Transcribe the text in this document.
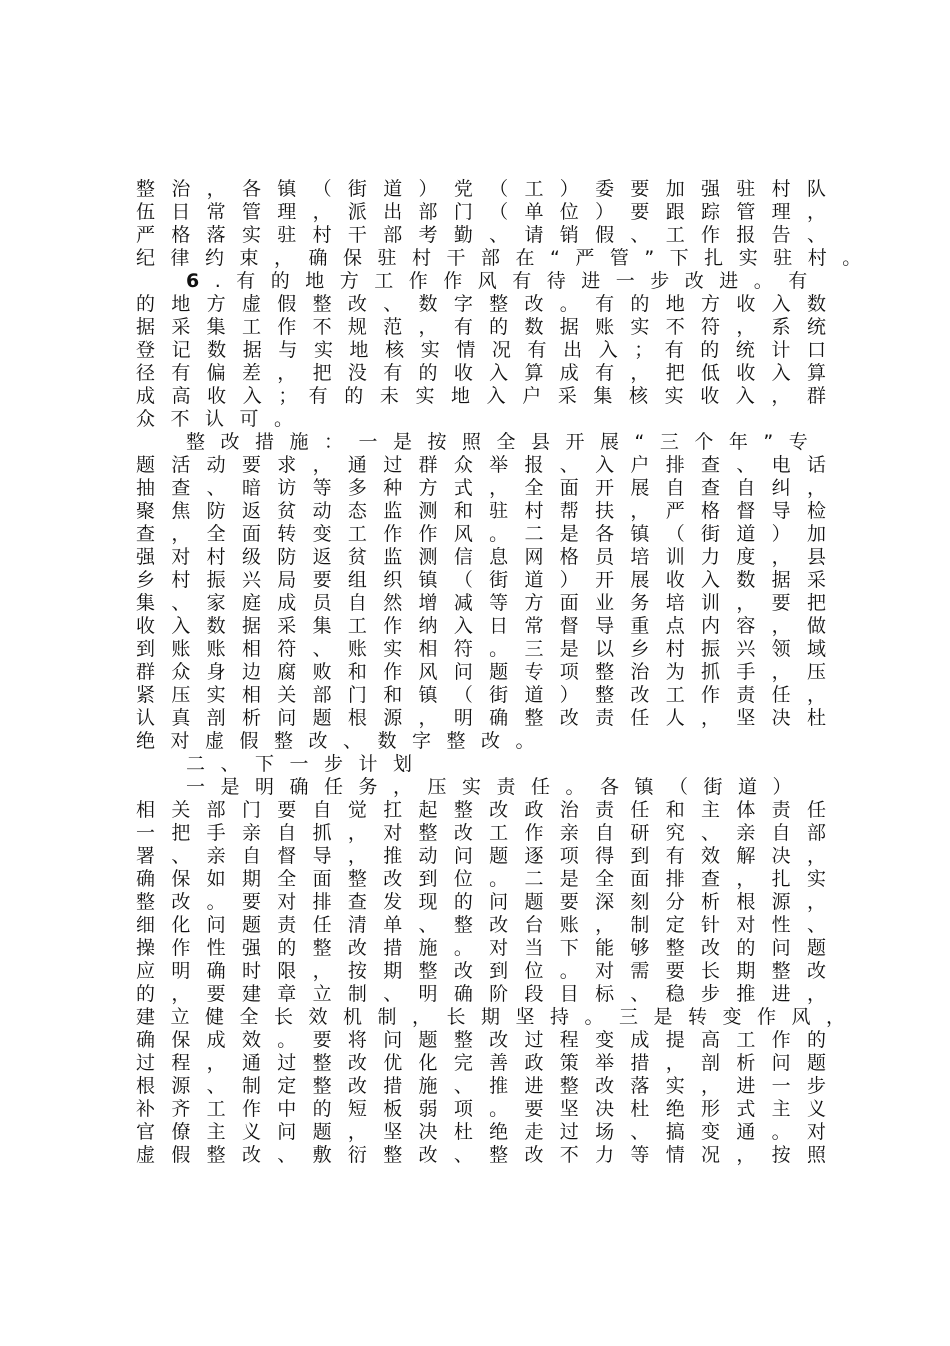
整​ 治​ ，​ 各​ 镇​ （​ 街​ 道​ ）​ 党​ （​ 工​ ）​ 委​ 要​ 加​ 强​ 驻​ 村​ 队
伍​ 日​ 常​ 管​ 理​ ，​ 派​ 出​ 部​ 门​ （​ 单​ 位​ ）​ 要​ 跟​ 踪​ 管​ 理​ ，
严​ 格​ 落​ 实​ 驻​ 村​ 干​ 部​ 考​ 勤​ 、​ 请​ 销​ 假​ 、​ 工​ 作​ 报​ 告​ 、
纪律约束，确保驻村干部在“严管”下扎实驻村。
6.有的地方工作作风有待进一步改进。有
的​ 地​ 方​ 虚​ 假​ 整​ 改​ 、​ 数​ 字​ 整​ 改​ 。​ 有​ 的​ 地​ 方​ 收​ 入​ 数
据​ 采​ 集​ 工​ 作​ 不​ 规​ 范​ ，​ 有​ 的​ 数​ 据​ 账​ 实​ 不​ 符​ ，​ 系​ 统
登​ 记​ 数​ 据​ 与​ 实​ 地​ 核​ 实​ 情​ 况​ 有​ 出​ 入​ ；​ 有​ 的​ 统​ 计​ 口
径​ 有​ 偏​ 差​ ，​ 把​ 没​ 有​ 的​ 收​ 入​ 算​ 成​ 有​ ，​ 把​ 低​ 收​ 入​ 算
成​ 高​ 收​ 入​ ；​ 有​ 的​ 未​ 实​ 地​ 入​ 户​ 采​ 集​ 核​ 实​ 收​ 入​ ，​ 群
众不认可。
整改措施：一是按照全县开展“三个年”专
题​ 活​ 动​ 要​ 求​ ，​ 通​ 过​ 群​ 众​ 举​ 报​ 、​ 入​ 户​ 排​ 查​ 、​ 电​ 话
抽​ 查​ 、​ 暗​ 访​ 等​ 多​ 种​ 方​ 式​ ，​ 全​ 面​ 开​ 展​ 自​ 查​ 自​ 纠​ ，
聚​ 焦​ 防​ 返​ 贫​ 动​ 态​ 监​ 测​ 和​ 驻​ 村​ 帮​ 扶​ ，​ 严​ 格​ 督​ 导​ 检
查​ ，​ 全​ 面​ 转​ 变​ 工​ 作​ 作​ 风​ 。​ 二​ 是​ 各​ 镇​ （​ 街​ 道​ ）​ 加
强​ 对​ 村​ 级​ 防​ 返​ 贫​ 监​ 测​ 信​ 息​ 网​ 格​ 员​ 培​ 训​ 力​ 度​ ，​ 县
乡​ 村​ 振​ 兴​ 局​ 要​ 组​ 织​ 镇​ （​ 街​ 道​ ）​ 开​ 展​ 收​ 入​ 数​ 据​ 采
集​ 、​ 家​ 庭​ 成​ 员​ 自​ 然​ 增​ 减​ 等​ 方​ 面​ 业​ 务​ 培​ 训​ ，​ 要​ 把
收​ 入​ 数​ 据​ 采​ 集​ 工​ 作​ 纳​ 入​ 日​ 常​ 督​ 导​ 重​ 点​ 内​ 容​ ，​ 做
到​ 账​ 账​ 相​ 符​ 、​ 账​ 实​ 相​ 符​ 。​ 三​ 是​ 以​ 乡​ 村​ 振​ 兴​ 领​ 域
群​ 众​ 身​ 边​ 腐​ 败​ 和​ 作​ 风​ 问​ 题​ 专​ 项​ 整​ 治​ 为​ 抓​ 手​ ，​ 压
紧​ 压​ 实​ 相​ 关​ 部​ 门​ 和​ 镇​ （​ 街​ 道​ ）​ 整​ 改​ 工​ 作​ 责​ 任​ ，
认​ 真​ 剖​ 析​ 问​ 题​ 根​ 源​ ，​ 明​ 确​ 整​ 改​ 责​ 任​ 人​ ，​ 坚​ 决​ 杜
绝对虚假整改、数字整改。
二、下一步计划
一是明确任务，压实责任。各镇（街道）
相​ 关​ 部​ 门​ 要​ 自​ 觉​ 扛​ 起​ 整​ 改​ 政​ 治​ 责​ 任​ 和​ 主​ 体​ 责​ 任
一​ 把​ 手​ 亲​ 自​ 抓​ ，​ 对​ 整​ 改​ 工​ 作​ 亲​ 自​ 研​ 究​ 、​ 亲​ 自​ 部
署​ 、​ 亲​ 自​ 督​ 导​ ，​ 推​ 动​ 问​ 题​ 逐​ 项​ 得​ 到​ 有​ 效​ 解​ 决​ ，
确​ 保​ 如​ 期​ 全​ 面​ 整​ 改​ 到​ 位​ 。​ 二​ 是​ 全​ 面​ 排​ 查​ ，​ 扎​ 实
整​ 改​ 。​ 要​ 对​ 排​ 查​ 发​ 现​ 的​ 问​ 题​ 要​ 深​ 刻​ 分​ 析​ 根​ 源​ ，
细​ 化​ 问​ 题​ 责​ 任​ 清​ 单​ 、​ 整​ 改​ 台​ 账​ ，​ 制​ 定​ 针​ 对​ 性​ 、
操​ 作​ 性​ 强​ 的​ 整​ 改​ 措​ 施​ 。​ 对​ 当​ 下​ 能​ 够​ 整​ 改​ 的​ 问​ 题
应​ 明​ 确​ 时​ 限​ ，​ 按​ 期​ 整​ 改​ 到​ 位​ 。​ 对​ 需​ 要​ 长​ 期​ 整​ 改
的​ ，​ 要​ 建​ 章​ 立​ 制​ 、​ 明​ 确​ 阶​ 段​ 目​ 标​ 、​ 稳​ 步​ 推​ 进​ ，
建立健全长效机制，长期坚持。三是转变作风，
确​ 保​ 成​ 效​ 。​ 要​ 将​ 问​ 题​ 整​ 改​ 过​ 程​ 变​ 成​ 提​ 高​ 工​ 作​ 的
过​ 程​ ，​ 通​ 过​ 整​ 改​ 优​ 化​ 完​ 善​ 政​ 策​ 举​ 措​ ，​ 剖​ 析​ 问​ 题
根​ 源​ 、​ 制​ 定​ 整​ 改​ 措​ 施​ 、​ 推​ 进​ 整​ 改​ 落​ 实​ ，​ 进​ 一​ 步
补​ 齐​ 工​ 作​ 中​ 的​ 短​ 板​ 弱​ 项​ 。​ 要​ 坚​ 决​ 杜​ 绝​ 形​ 式​ 主​ 义
官​ 僚​ 主​ 义​ 问​ 题​ ，​ 坚​ 决​ 杜​ 绝​ 走​ 过​ 场​ 、​ 搞​ 变​ 通​ 。​ 对
虚​ 假​ 整​ 改​ 、​ 敷​ 衍​ 整​ 改​ 、​ 整​ 改​ 不​ 力​ 等​ 情​ 况​ ，​ 按​ 照
